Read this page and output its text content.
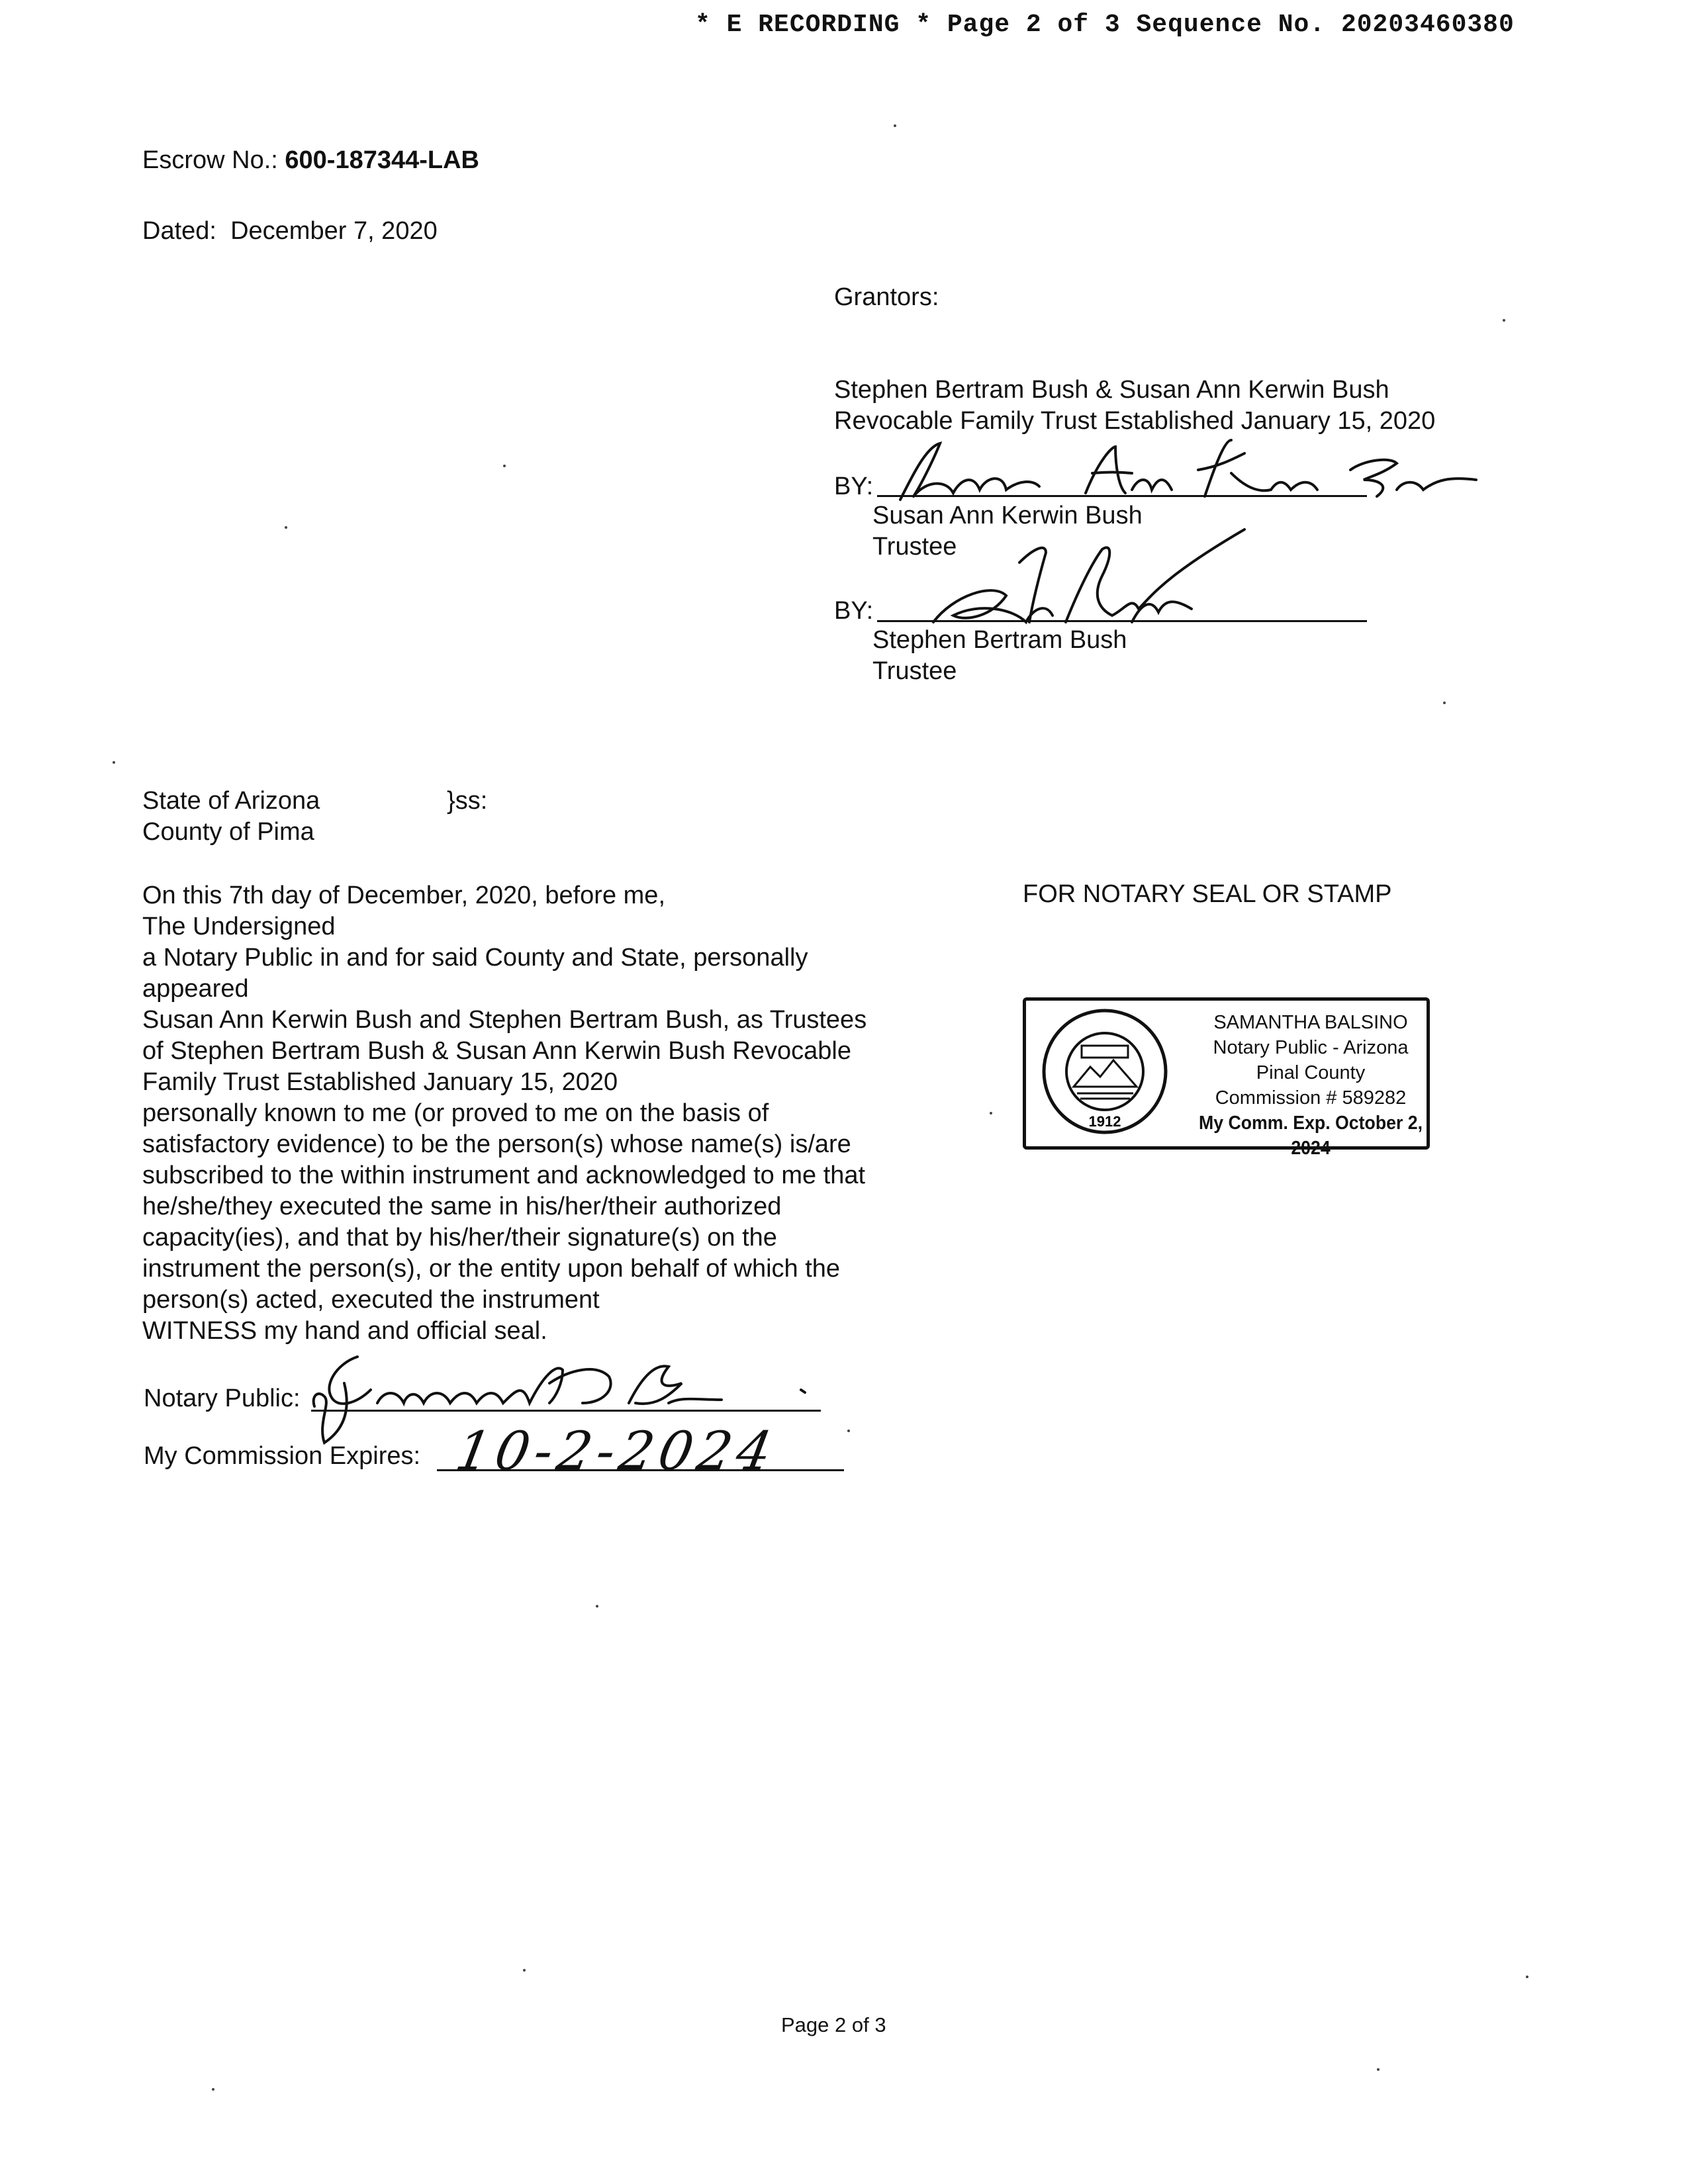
* E RECORDING * Page 2 of 3 Sequence No. 20203460380
Escrow No.: 600-187344-LAB
Dated: December 7, 2020
Grantors:
Stephen Bertram Bush & Susan Ann Kerwin Bush
Revocable Family Trust Established January 15, 2020
BY:
Susan Ann Kerwin Bush
Trustee
BY:
Stephen Bertram Bush
Trustee
State of Arizona	}ss:
County of Pima
On this 7th day of December, 2020, before me,
The Undersigned
a Notary Public in and for said County and State, personally
appeared
Susan Ann Kerwin Bush and Stephen Bertram Bush, as Trustees
of Stephen Bertram Bush & Susan Ann Kerwin Bush Revocable
Family Trust Established January 15, 2020
personally known to me (or proved to me on the basis of
satisfactory evidence) to be the person(s) whose name(s) is/are
subscribed to the within instrument and acknowledged to me that
he/she/they executed the same in his/her/their authorized
capacity(ies), and that by his/her/their signature(s) on the
instrument the person(s), or the entity upon behalf of which the
person(s) acted, executed the instrument
WITNESS my hand and official seal.
Notary Public:
My Commission Expires: 10-2-2024
FOR NOTARY SEAL OR STAMP
1912
SAMANTHA BALSINO
Notary Public - Arizona
Pinal County
Commission # 589282
My Comm. Exp. October 2, 2024
Page 2 of 3
